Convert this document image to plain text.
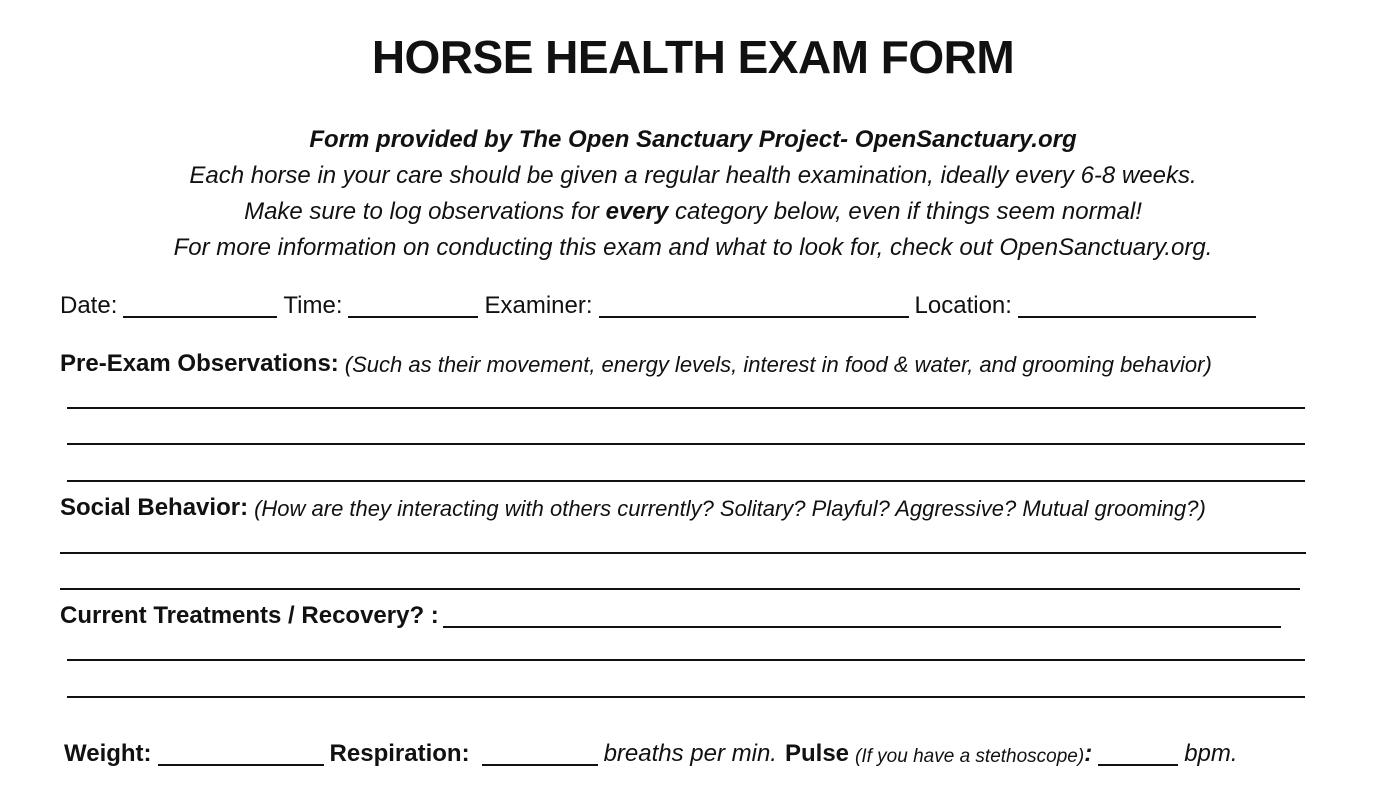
HORSE HEALTH EXAM FORM
Form provided by The Open Sanctuary Project- OpenSanctuary.org
Each horse in your care should be given a regular health examination, ideally every 6-8 weeks.
Make sure to log observations for every category below, even if things seem normal!
For more information on conducting this exam and what to look for, check out OpenSanctuary.org.
Date:	Time:	Examiner:	Location:
Pre-Exam Observations: (Such as their movement, energy levels, interest in food & water, and grooming behavior)
Social Behavior: (How are they interacting with others currently? Solitary? Playful? Aggressive? Mutual grooming?)
Current Treatments / Recovery? :
Weight:	Respiration:	breaths per min. Pulse (If you have a stethoscope) :	bpm.
